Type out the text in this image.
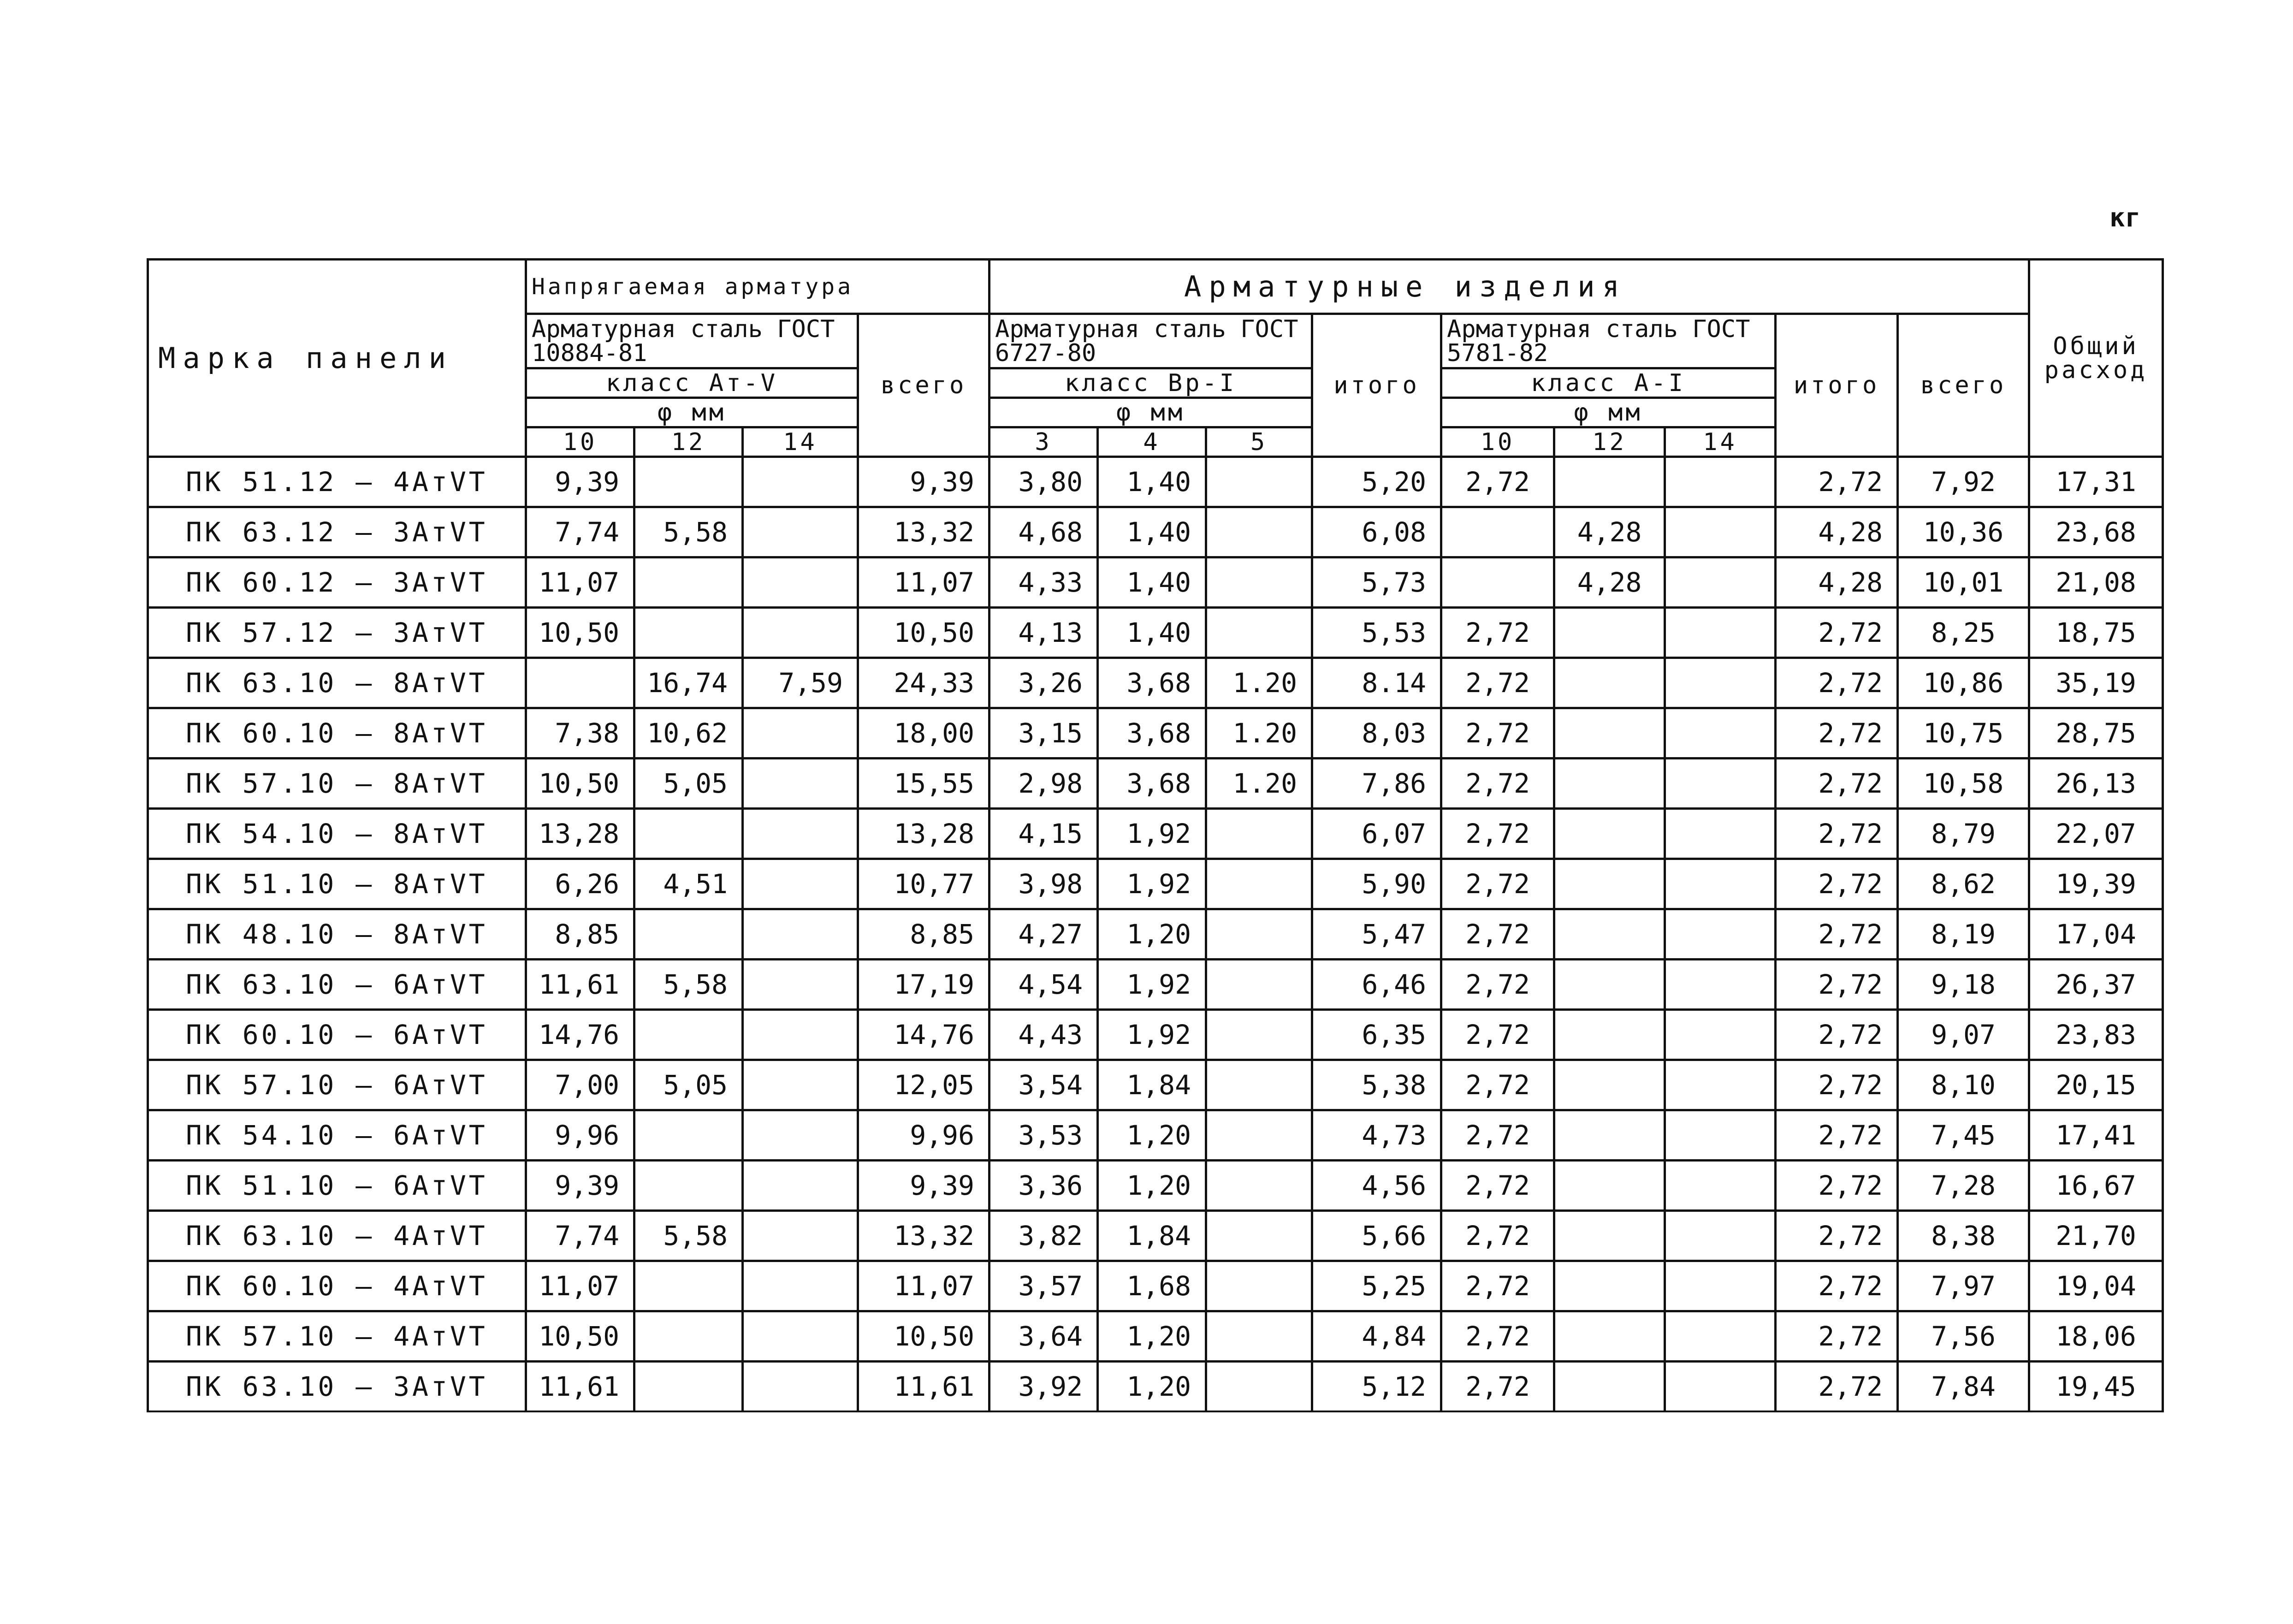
кг
Марка панели	Напрягаемая арматура				Арматурные изделия									Общий расход
	Арматурная сталь ГОСТ 10884-81			всего	Арматурная сталь ГОСТ 6727-80			итого	Арматурная сталь ГОСТ 5781-82			итого	всего	
	класс Ат-V				класс Вр-I				класс А-I					
	φ мм				φ мм				φ мм					
	10	12	14		3	4	5		10	12	14			
ПК 51.12 – 4АтVТ	9,39			9,39	3,80	1,40		5,20	2,72			2,72	7,92	17,31
ПК 63.12 – 3АтVТ	7,74	5,58		13,32	4,68	1,40		6,08		4,28		4,28	10,36	23,68
ПК 60.12 – 3АтVТ	11,07			11,07	4,33	1,40		5,73		4,28		4,28	10,01	21,08
ПК 57.12 – 3АтVТ	10,50			10,50	4,13	1,40		5,53	2,72			2,72	8,25	18,75
ПК 63.10 – 8АтVТ		16,74	7,59	24,33	3,26	3,68	1.20	8.14	2,72			2,72	10,86	35,19
ПК 60.10 – 8АтVТ	7,38	10,62		18,00	3,15	3,68	1.20	8,03	2,72			2,72	10,75	28,75
ПК 57.10 – 8АтVТ	10,50	5,05		15,55	2,98	3,68	1.20	7,86	2,72			2,72	10,58	26,13
ПК 54.10 – 8АтVТ	13,28			13,28	4,15	1,92		6,07	2,72			2,72	8,79	22,07
ПК 51.10 – 8АтVТ	6,26	4,51		10,77	3,98	1,92		5,90	2,72			2,72	8,62	19,39
ПК 48.10 – 8АтVТ	8,85			8,85	4,27	1,20		5,47	2,72			2,72	8,19	17,04
ПК 63.10 – 6АтVТ	11,61	5,58		17,19	4,54	1,92		6,46	2,72			2,72	9,18	26,37
ПК 60.10 – 6АтVТ	14,76			14,76	4,43	1,92		6,35	2,72			2,72	9,07	23,83
ПК 57.10 – 6АтVТ	7,00	5,05		12,05	3,54	1,84		5,38	2,72			2,72	8,10	20,15
ПК 54.10 – 6АтVТ	9,96			9,96	3,53	1,20		4,73	2,72			2,72	7,45	17,41
ПК 51.10 – 6АтVТ	9,39			9,39	3,36	1,20		4,56	2,72			2,72	7,28	16,67
ПК 63.10 – 4АтVТ	7,74	5,58		13,32	3,82	1,84		5,66	2,72			2,72	8,38	21,70
ПК 60.10 – 4АтVТ	11,07			11,07	3,57	1,68		5,25	2,72			2,72	7,97	19,04
ПК 57.10 – 4АтVТ	10,50			10,50	3,64	1,20		4,84	2,72			2,72	7,56	18,06
ПК 63.10 – 3АтVТ	11,61			11,61	3,92	1,20		5,12	2,72			2,72	7,84	19,45
